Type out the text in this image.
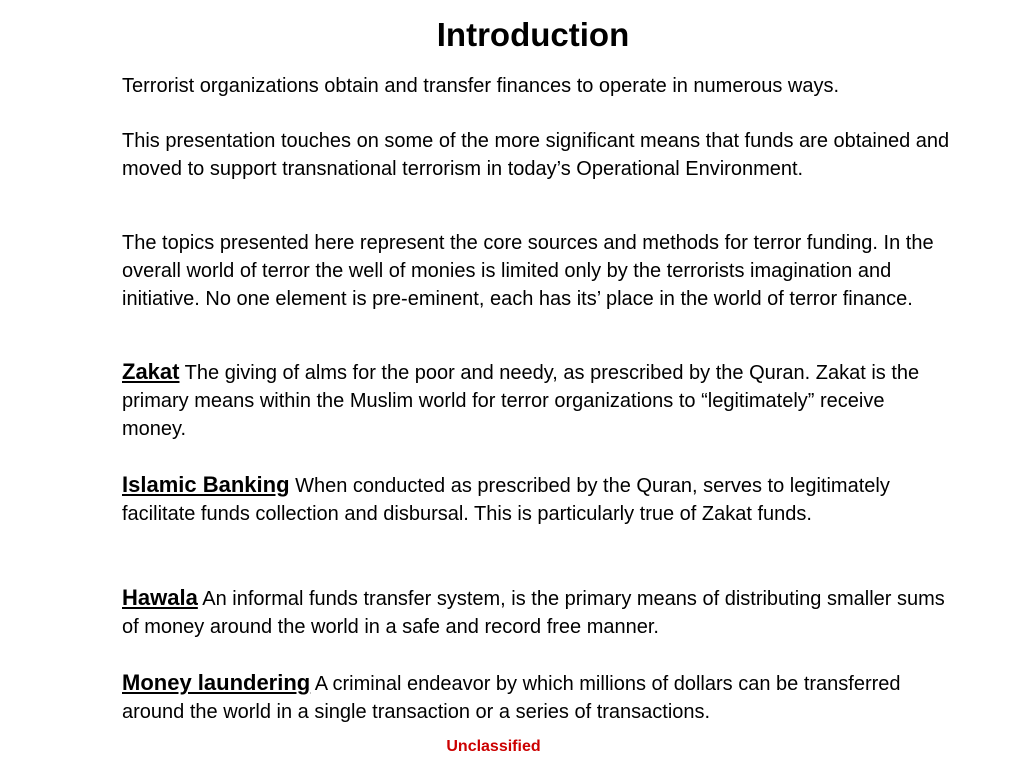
Introduction
Terrorist organizations obtain and transfer finances to operate in numerous ways.
This presentation touches on some of the more significant means that funds are obtained and moved to support transnational terrorism in today’s Operational Environment.
The topics presented here represent the core sources and methods for terror funding. In the overall world of terror the well of monies is limited only by the terrorists imagination and initiative. No one element is pre-eminent, each has its’ place in the world of terror finance.
Zakat The giving of alms for the poor and needy, as prescribed by the Quran. Zakat is the primary means within the Muslim world for terror organizations to “legitimately” receive money.
Islamic Banking When conducted as prescribed by the Quran, serves to legitimately facilitate funds collection and disbursal. This is particularly true of Zakat funds.
Hawala An informal funds transfer system, is the primary means of distributing smaller sums of money around the world in a safe and record free manner.
Money laundering A criminal endeavor by which millions of dollars can be transferred around the world in a single transaction or a series of transactions.
Unclassified
